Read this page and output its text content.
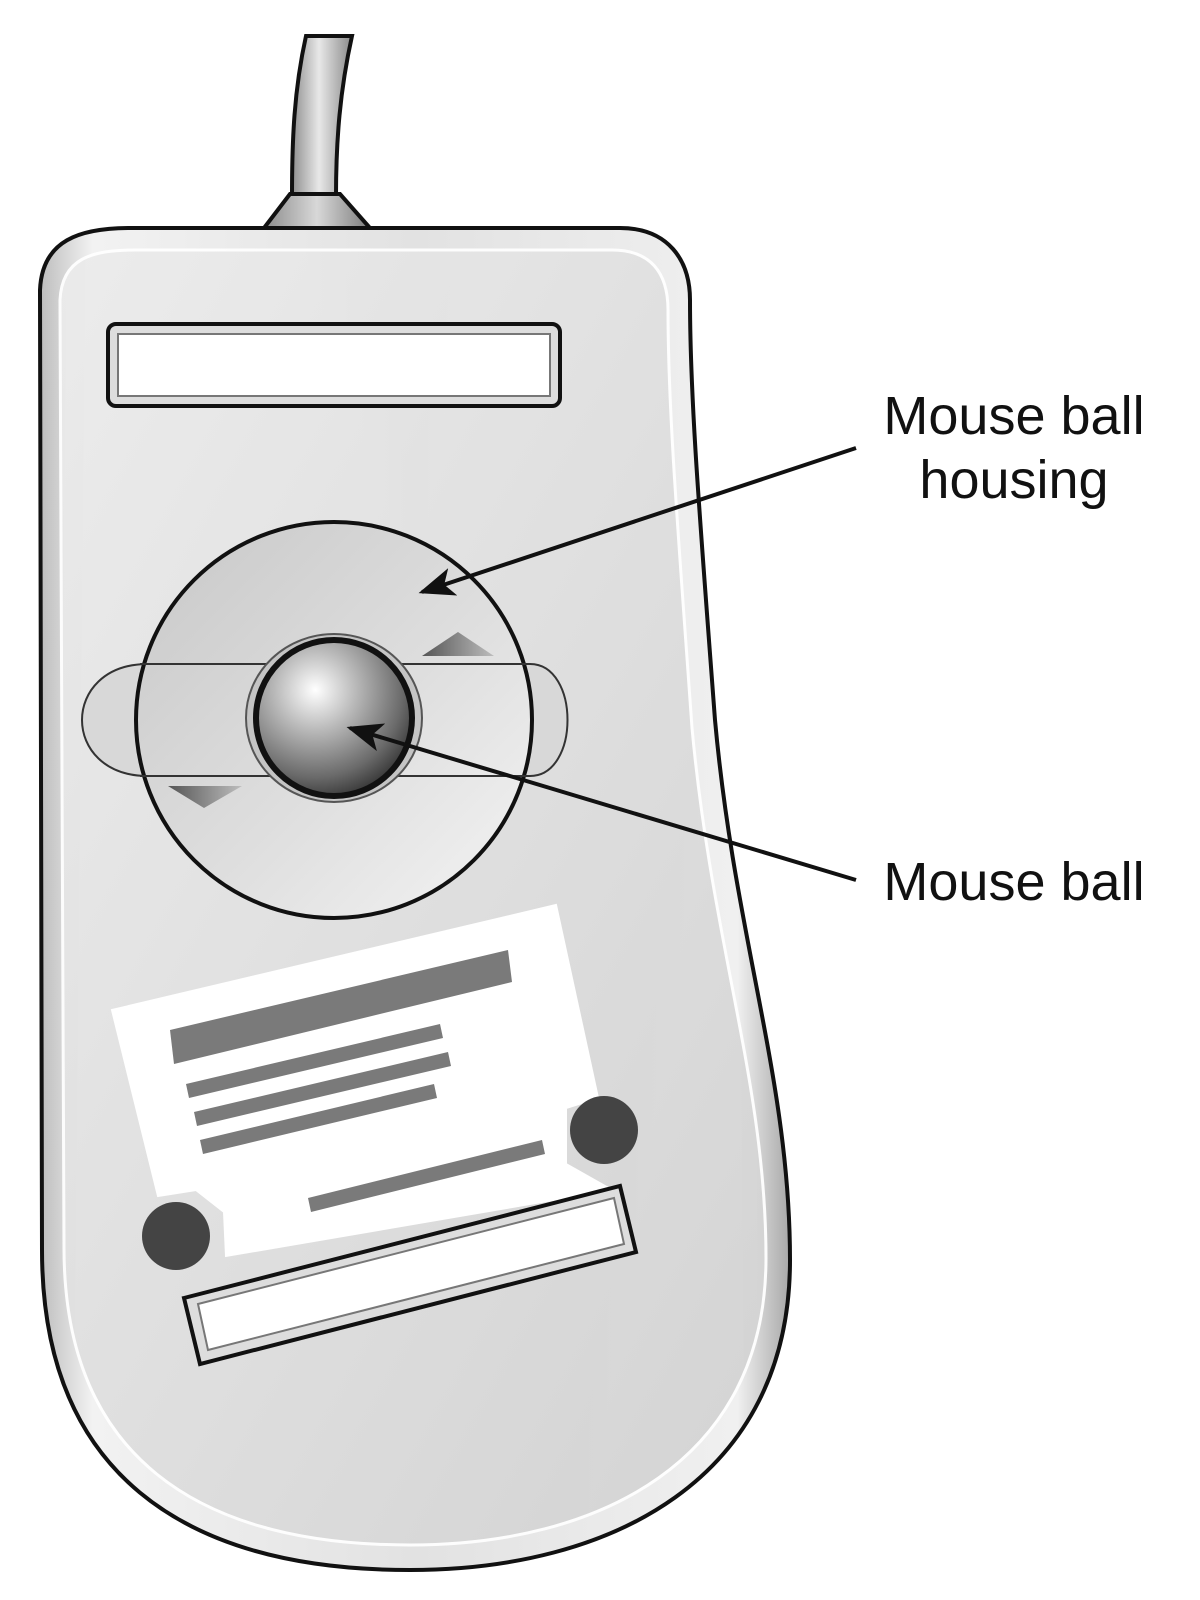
Mouse ball
housing
Mouse ball
